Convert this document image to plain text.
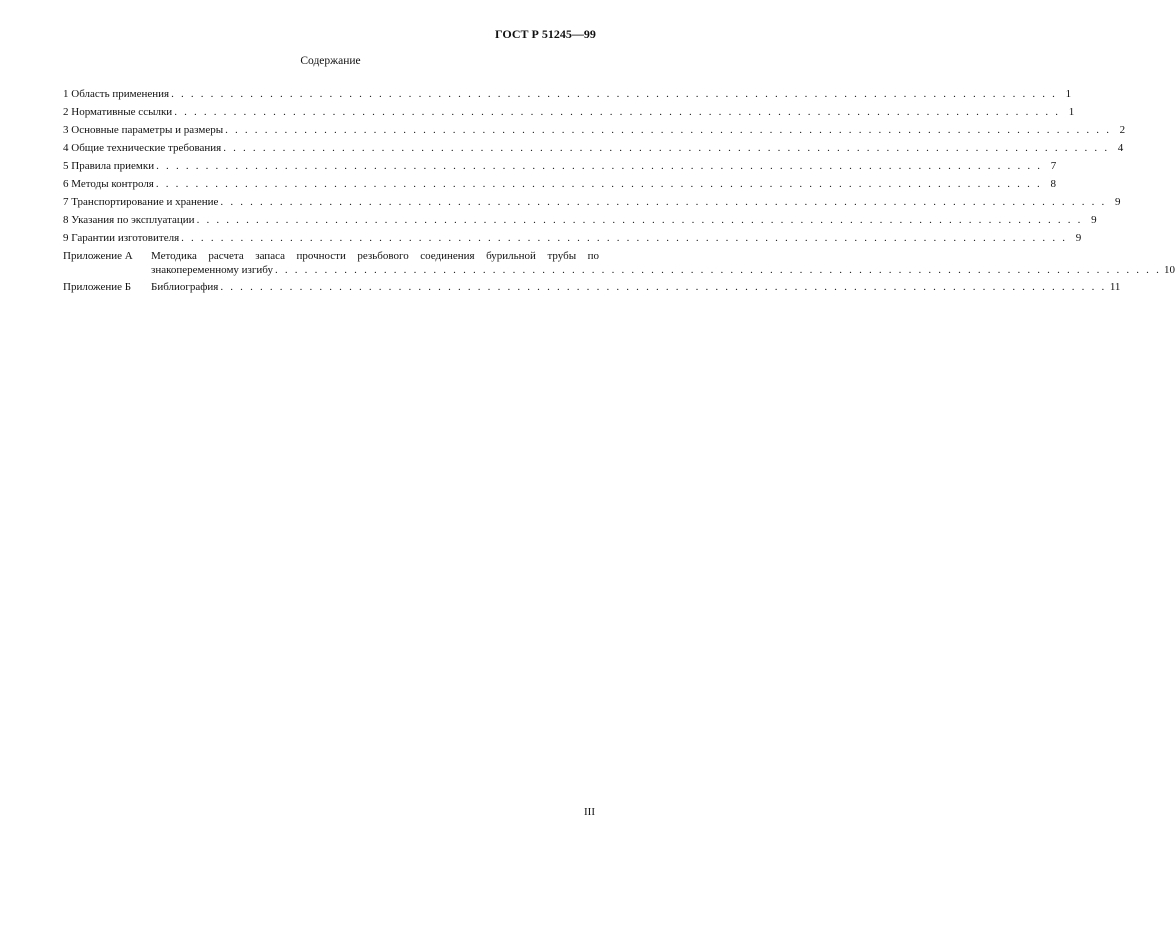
ГОСТ Р 51245—99
Содержание
1 Область применения . . . . . . . . . . . . . . . . . . . . . . . . . . . . . . . . . . . . . . . . . . . . . . . . . . . . . . . . . . . . . . . . . . . . . . . . . . . . . . . . . . . . . . . . . . 1
2 Нормативные ссылки . . . . . . . . . . . . . . . . . . . . . . . . . . . . . . . . . . . . . . . . . . . . . . . . . . . . . . . . . . . . . . . . . . . . . . . . . . . . . . . . . . . . . . . . . . 1
3 Основные параметры и размеры . . . . . . . . . . . . . . . . . . . . . . . . . . . . . . . . . . . . . . . . . . . . . . . . . . . . . . . . . . . . . . . . . . . . . . . . . . . . . . . . . . . . . . . . . . 2
4 Общие технические требования . . . . . . . . . . . . . . . . . . . . . . . . . . . . . . . . . . . . . . . . . . . . . . . . . . . . . . . . . . . . . . . . . . . . . . . . . . . . . . . . . . . . . . . . . . 4
5 Правила приемки . . . . . . . . . . . . . . . . . . . . . . . . . . . . . . . . . . . . . . . . . . . . . . . . . . . . . . . . . . . . . . . . . . . . . . . . . . . . . . . . . . . . . . . . . . 7
6 Методы контроля . . . . . . . . . . . . . . . . . . . . . . . . . . . . . . . . . . . . . . . . . . . . . . . . . . . . . . . . . . . . . . . . . . . . . . . . . . . . . . . . . . . . . . . . . . 8
7 Транспортирование и хранение . . . . . . . . . . . . . . . . . . . . . . . . . . . . . . . . . . . . . . . . . . . . . . . . . . . . . . . . . . . . . . . . . . . . . . . . . . . . . . . . . . . . . . . . . . 9
8 Указания по эксплуатации . . . . . . . . . . . . . . . . . . . . . . . . . . . . . . . . . . . . . . . . . . . . . . . . . . . . . . . . . . . . . . . . . . . . . . . . . . . . . . . . . . . . . . . . . . 9
9 Гарантии изготовителя . . . . . . . . . . . . . . . . . . . . . . . . . . . . . . . . . . . . . . . . . . . . . . . . . . . . . . . . . . . . . . . . . . . . . . . . . . . . . . . . . . . . . . . . . . 9
Приложение А	Методика расчета запаса прочности резьбового соединения бурильной трубы по
знакопеременному изгибу . . . . . . . . . . . . . . . . . . . . . . . . . . . . . . . . . . . . . . . . . . . . . . . . . . . . . . . . . . . . . . . . . . . . . . . . . . . . . . . . . . . . . . . . . . 10
Приложение Б	Библиография . . . . . . . . . . . . . . . . . . . . . . . . . . . . . . . . . . . . . . . . . . . . . . . . . . . . . . . . . . . . . . . . . . . . . . . . . . . . . . . . . . . . . . . . . . 11
III
